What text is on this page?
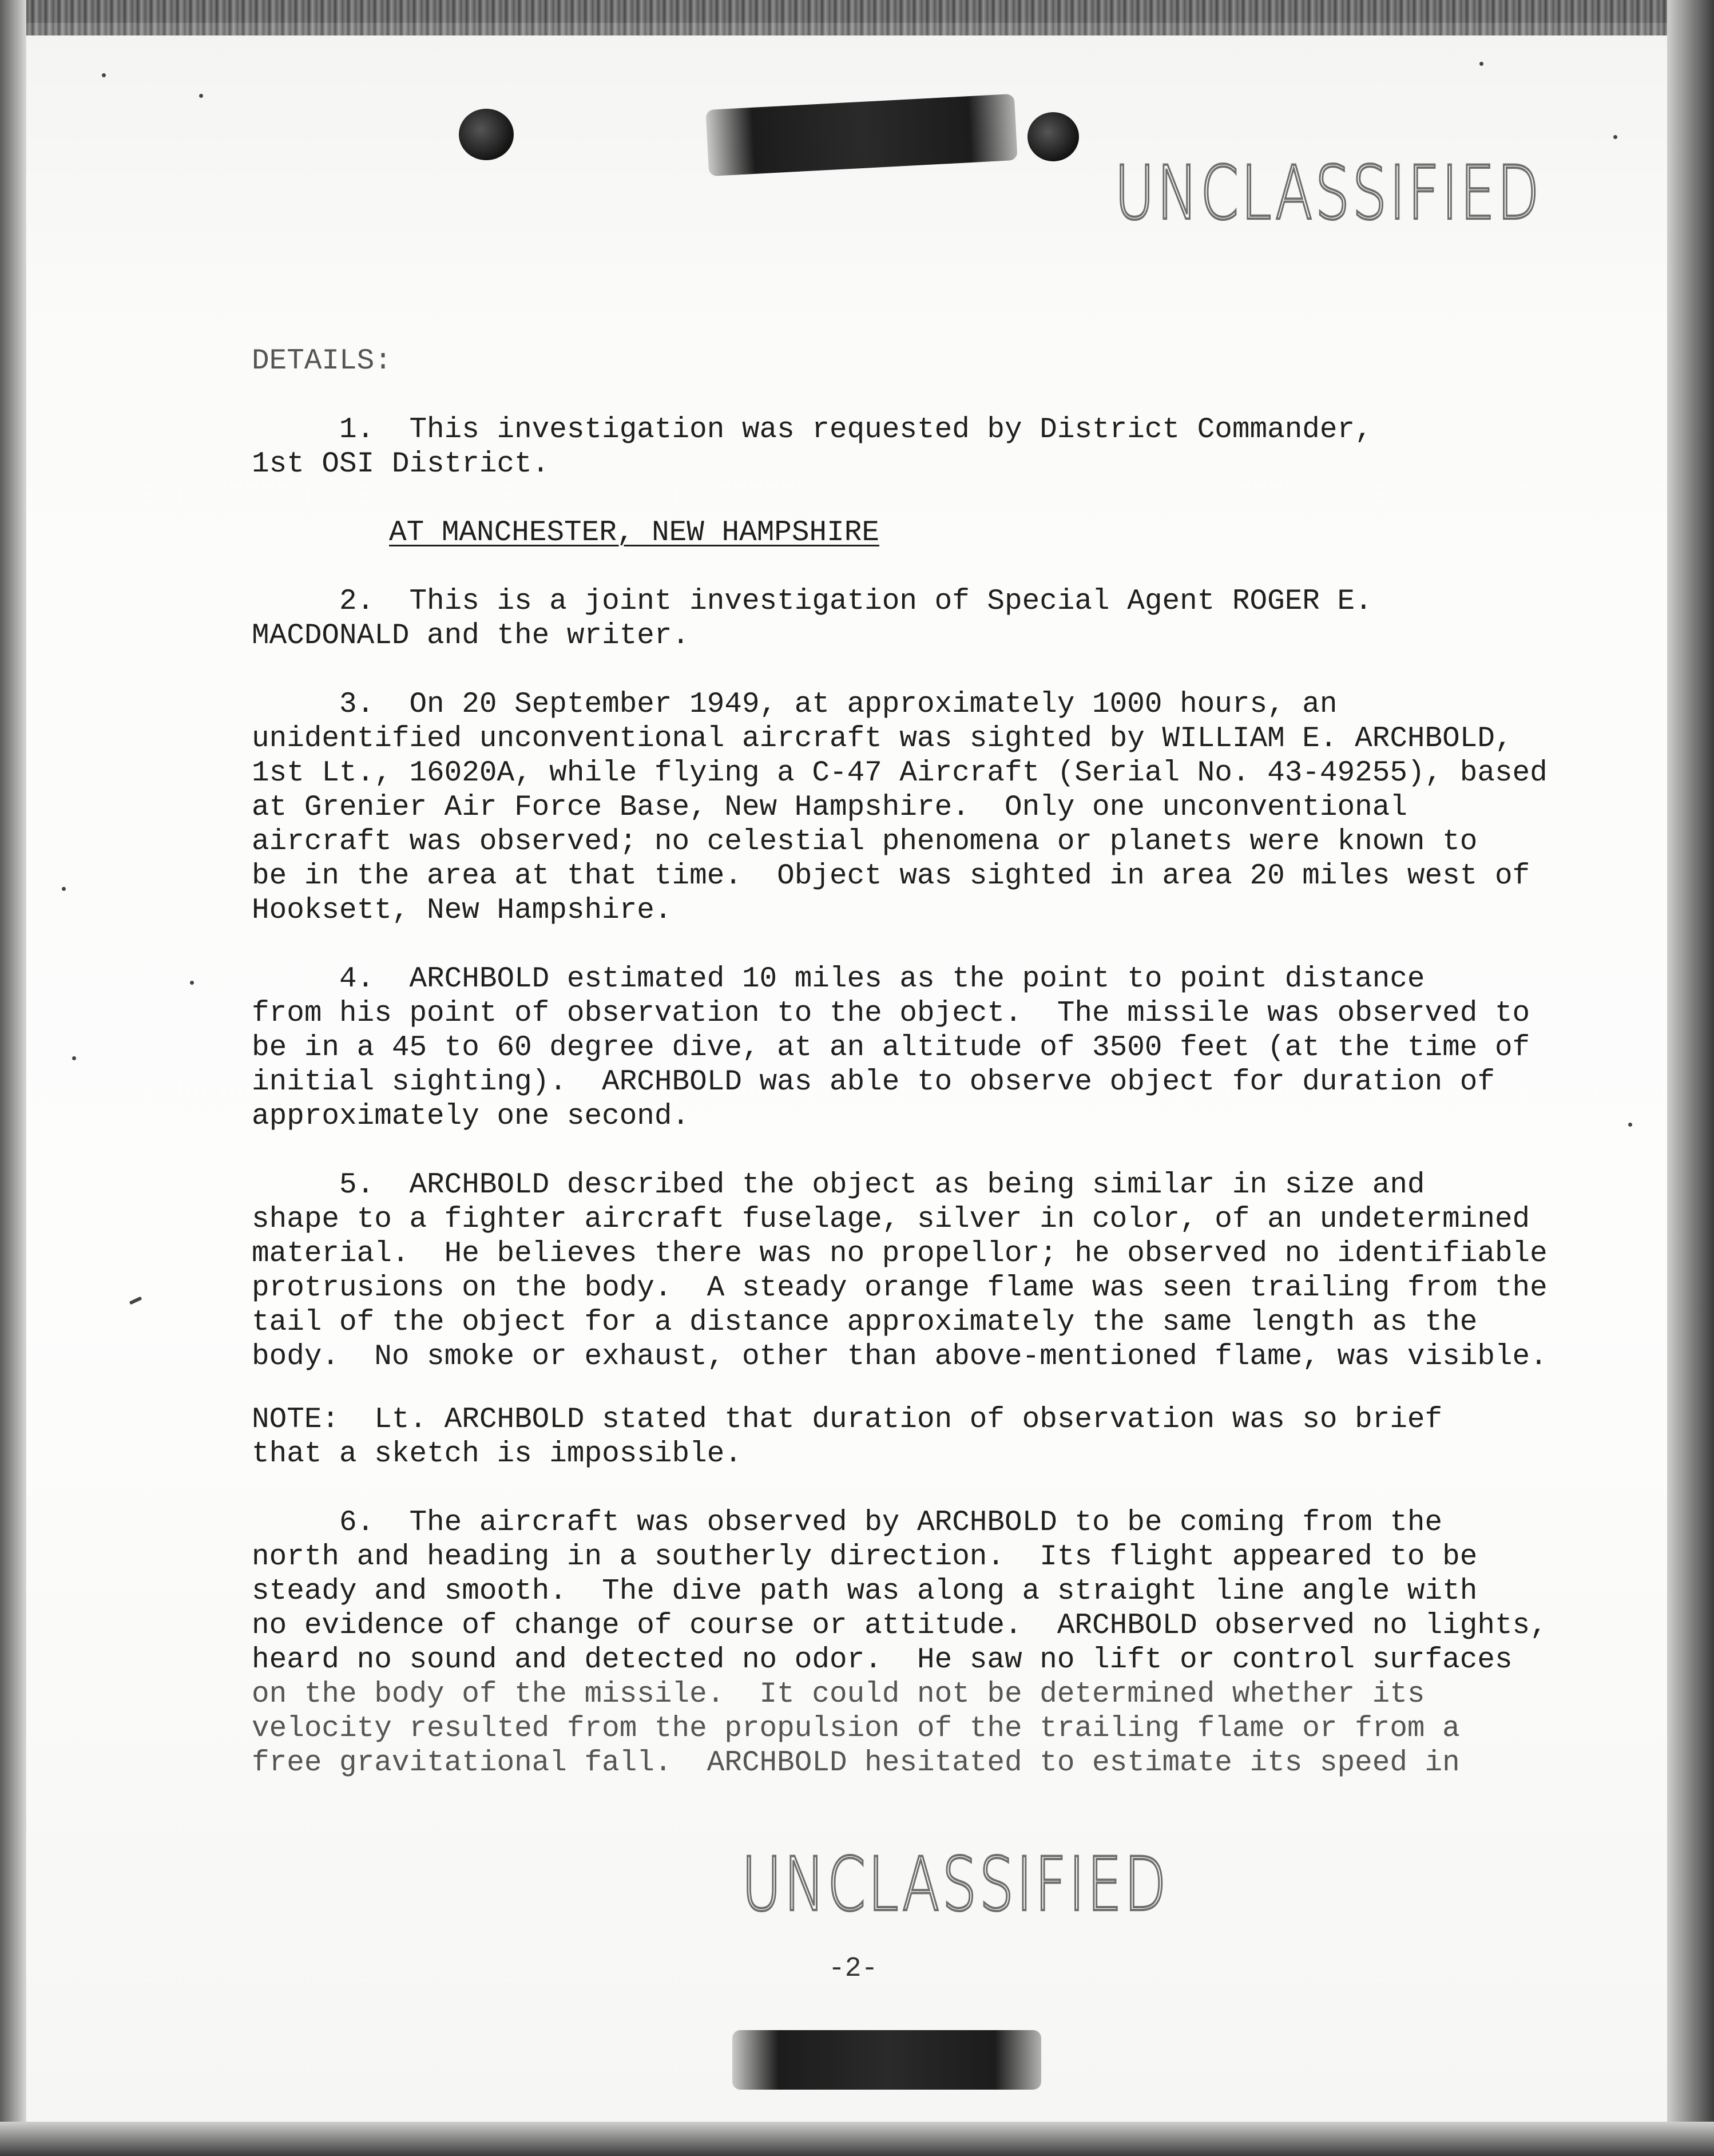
UNCLASSIFIED
UNCLASSIFIED
DETAILS:
1.  This investigation was requested by District Commander,
1st OSI District.
AT MANCHESTER, NEW HAMPSHIRE
2.  This is a joint investigation of Special Agent ROGER E.
MACDONALD and the writer.
3.  On 20 September 1949, at approximately 1000 hours, an
unidentified unconventional aircraft was sighted by WILLIAM E. ARCHBOLD,
1st Lt., 16020A, while flying a C-47 Aircraft (Serial No. 43-49255), based
at Grenier Air Force Base, New Hampshire.  Only one unconventional
aircraft was observed; no celestial phenomena or planets were known to
be in the area at that time.  Object was sighted in area 20 miles west of
Hooksett, New Hampshire.
4.  ARCHBOLD estimated 10 miles as the point to point distance
from his point of observation to the object.  The missile was observed to
be in a 45 to 60 degree dive, at an altitude of 3500 feet (at the time of
initial sighting).  ARCHBOLD was able to observe object for duration of
approximately one second.
5.  ARCHBOLD described the object as being similar in size and
shape to a fighter aircraft fuselage, silver in color, of an undetermined
material.  He believes there was no propellor; he observed no identifiable
protrusions on the body.  A steady orange flame was seen trailing from the
tail of the object for a distance approximately the same length as the
body.  No smoke or exhaust, other than above-mentioned flame, was visible.
NOTE:  Lt. ARCHBOLD stated that duration of observation was so brief
that a sketch is impossible.
6.  The aircraft was observed by ARCHBOLD to be coming from the
north and heading in a southerly direction.  Its flight appeared to be
steady and smooth.  The dive path was along a straight line angle with
no evidence of change of course or attitude.  ARCHBOLD observed no lights,
heard no sound and detected no odor.  He saw no lift or control surfaces
on the body of the missile.  It could not be determined whether its
velocity resulted from the propulsion of the trailing flame or from a
free gravitational fall.  ARCHBOLD hesitated to estimate its speed in
-2-
